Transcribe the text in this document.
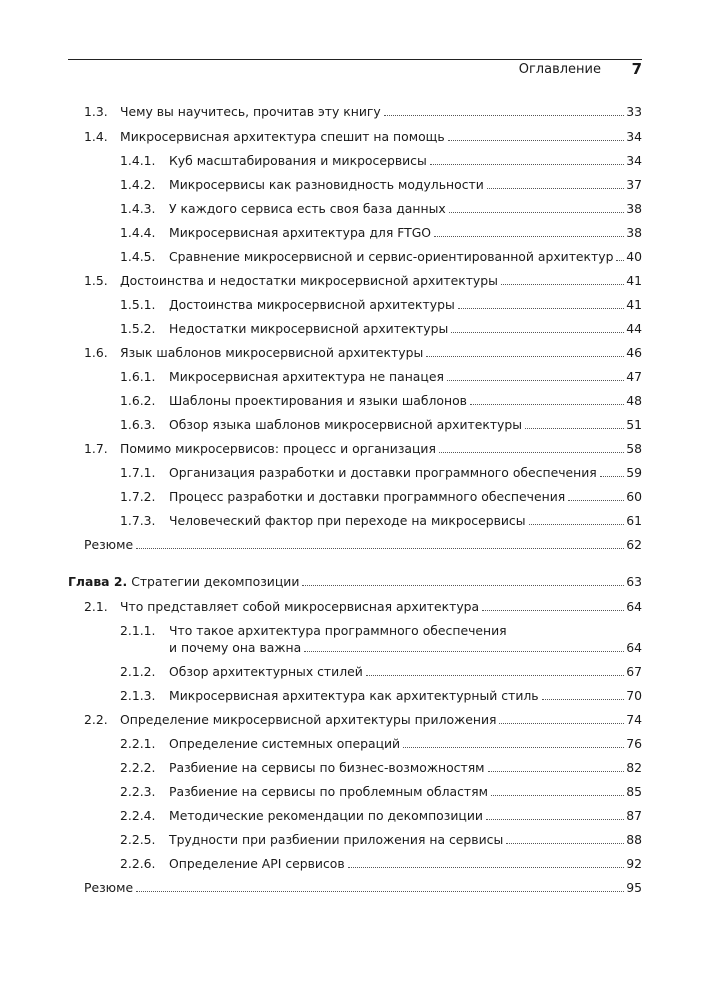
Оглавление 7
1.3. Чему вы научитесь, прочитав эту книгу	33
1.4. Микросервисная архитектура спешит на помощь	34
1.4.1.	Куб масштабирования и микросервисы	34
1.4.2.	Микросервисы как разновидность модульности	37
1.4.3.	У каждого сервиса есть своя база данных	38
1.4.4.	Микросервисная архитектура для FTGO	38
1.4.5.	Сравнение микросервисной и сервис-ориентированной архитектур 40
1.5. Достоинства и недостатки микросервисной архитектуры	41
1.5.1.	Достоинства микросервисной архитектуры	41
1.5.2.	Недостатки микросервисной архитектуры	44
1.6. Язык шаблонов микросервисной архитектуры	46
1.6.1.	Микросервисная архитектура не панацея	47
1.6.2.	Шаблоны проектирования и языки шаблонов	48
1.6.3.	Обзор языка шаблонов микросервисной архитектуры	51
1.7. Помимо микросервисов: процесс и организация	58
1.7.1.	Организация разработки и доставки программного обеспечения 59
1.7.2.	Процесс разработки и доставки программного обеспечения	60
1.7.3.	Человеческий фактор при переходе на микросервисы	61
Резюме	62
Глава 2. Стратегии декомпозиции	63
2.1. Что представляет собой микросервисная архитектура	64
2.1.1.	Что такое архитектура программного обеспечения
и почему она важна	64
2.1.2.	Обзор архитектурных стилей	67
2.1.3.	Микросервисная архитектура как архитектурный стиль	70
2.2. Определение микросервисной архитектуры приложения	74
2.2.1.	Определение системных операций	76
2.2.2.	Разбиение на сервисы по бизнес-возможностям	82
2.2.3.	Разбиение на сервисы по проблемным областям	85
2.2.4.	Методические рекомендации по декомпозиции	87
2.2.5.	Трудности при разбиении приложения на сервисы	88
2.2.6.	Определение API сервисов	92
Резюме	95
